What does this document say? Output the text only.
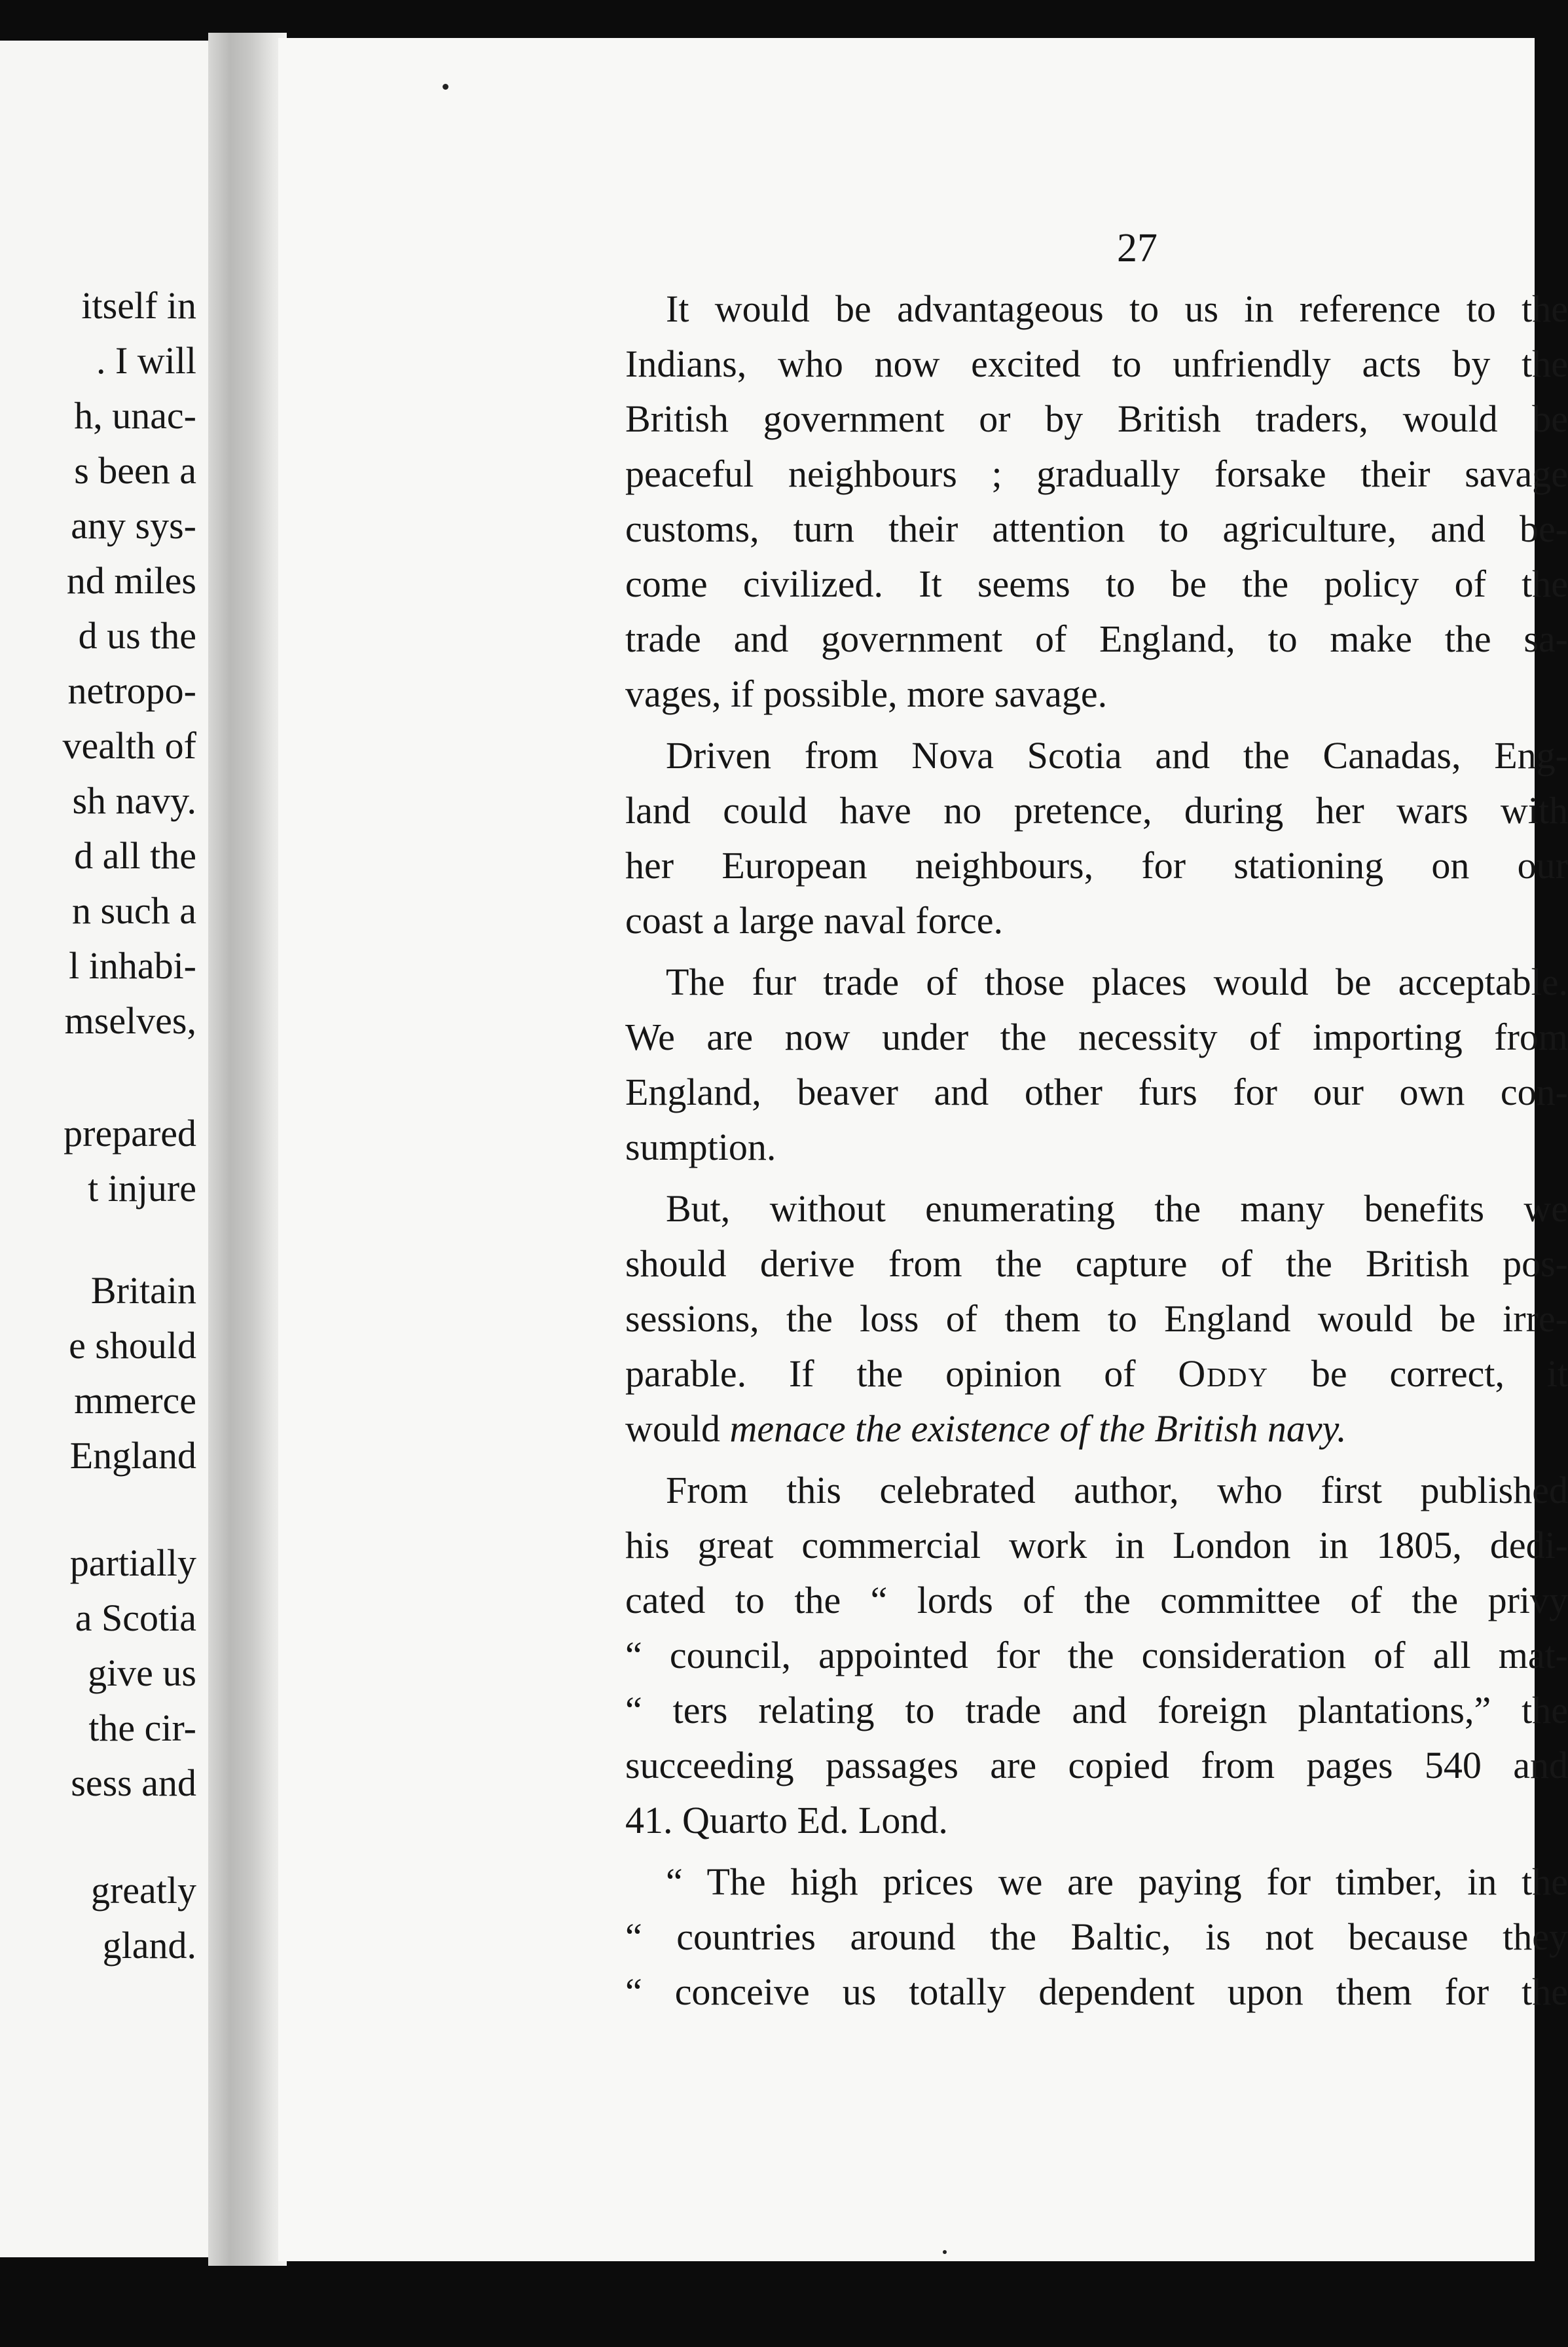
itself in
. I will
h, unac-
s been a
any sys-
nd miles
d us the
netropo-
vealth of
sh navy.
d all the
n such a
l inhabi-
mselves,
prepared
t injure
Britain
e should
mmerce
England
partially
a Scotia
give us
the cir-
sess and
greatly
gland.
27
It would be advantageous to us in reference to the
Indians, who now excited to unfriendly acts by the
British government or by British traders, would be
peaceful neighbours ; gradually forsake their savage
customs, turn their attention to agriculture, and be-
come civilized. It seems to be the policy of the
trade and government of England, to make the sa-
vages, if possible, more savage.
Driven from Nova Scotia and the Canadas, Eng-
land could have no pretence, during her wars with
her European neighbours, for stationing on our
coast a large naval force.
The fur trade of those places would be acceptable.
We are now under the necessity of importing from
England, beaver and other furs for our own con-
sumption.
But, without enumerating the many benefits we
should derive from the capture of the British pos-
sessions, the loss of them to England would be irre-
parable. If the opinion of Oddy be correct, it
would menace the existence of the British navy.
From this celebrated author, who first published
his great commercial work in London in 1805, dedi-
cated to the “ lords of the committee of the privy
“ council, appointed for the consideration of all mat-
“ ters relating to trade and foreign plantations,” the
succeeding passages are copied from pages 540 and
41. Quarto Ed. Lond.
“ The high prices we are paying for timber, in the
“ countries around the Baltic, is not because they
“ conceive us totally dependent upon them for the
